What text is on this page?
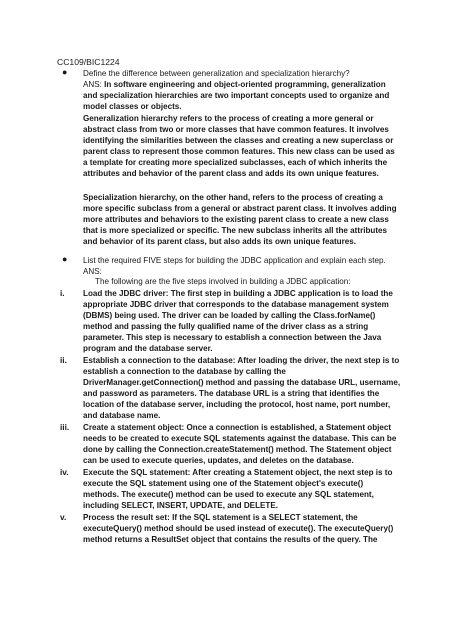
CC109/BIC1224
● Define the difference between generalization and specialization hierarchy?
ANS: In software engineering and object-oriented programming, generalization
and specialization hierarchies are two important concepts used to organize and
model classes or objects.
Generalization hierarchy refers to the process of creating a more general or
abstract class from two or more classes that have common features. It involves
identifying the similarities between the classes and creating a new superclass or
parent class to represent those common features. This new class can be used as
a template for creating more specialized subclasses, each of which inherits the
attributes and behavior of the parent class and adds its own unique features.
Specialization hierarchy, on the other hand, refers to the process of creating a
more specific subclass from a general or abstract parent class. It involves adding
more attributes and behaviors to the existing parent class to create a new class
that is more specialized or specific. The new subclass inherits all the attributes
and behavior of its parent class, but also adds its own unique features.
● List the required FIVE steps for building the JDBC application and explain each step.
ANS:
The following are the five steps involved in building a JDBC application:
i. Load the JDBC driver: The first step in building a JDBC application is to load the
appropriate JDBC driver that corresponds to the database management system
(DBMS) being used. The driver can be loaded by calling the Class.forName()
method and passing the fully qualified name of the driver class as a string
parameter. This step is necessary to establish a connection between the Java
program and the database server.
ii. Establish a connection to the database: After loading the driver, the next step is to
establish a connection to the database by calling the
DriverManager.getConnection() method and passing the database URL, username,
and password as parameters. The database URL is a string that identifies the
location of the database server, including the protocol, host name, port number,
and database name.
iii. Create a statement object: Once a connection is established, a Statement object
needs to be created to execute SQL statements against the database. This can be
done by calling the Connection.createStatement() method. The Statement object
can be used to execute queries, updates, and deletes on the database.
iv. Execute the SQL statement: After creating a Statement object, the next step is to
execute the SQL statement using one of the Statement object's execute()
methods. The execute() method can be used to execute any SQL statement,
including SELECT, INSERT, UPDATE, and DELETE.
v. Process the result set: If the SQL statement is a SELECT statement, the
executeQuery() method should be used instead of execute(). The executeQuery()
method returns a ResultSet object that contains the results of the query. The
